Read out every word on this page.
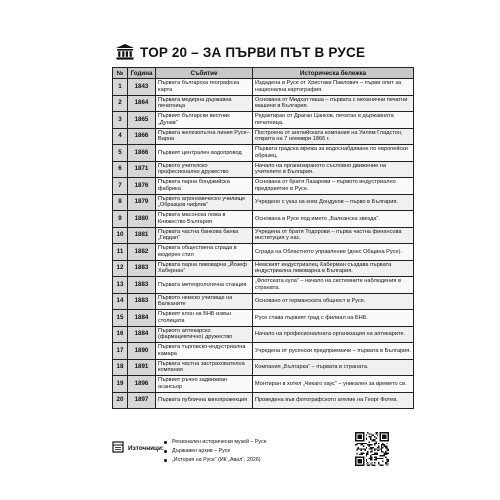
TOP 20 – ЗА ПЪРВИ ПЪТ В РУСЕ
№	Година	Събитие	Историческа бележка
1	1843	Първата българска географска карта	Издадена в Русе от Христаки Павлович – първи опит за национална картография.
2	1864	Първата модерна държавна печатница	Основана от Мидхат паша – първата с механични печатни машини в България.
3	1865	Първият български вестник „Дунав“	Редактиран от Драган Цанков, печатан в държавната печатница.
4	1866	Първата железопътна линия Русе–Варна	Построена от английската компания на Уилям Гладстон, открита на 7 ноември 1866 г.
5	1866	Първият централен водопровод	Първата градска мрежа за водоснабдяване по европейски образец.
6	1871	Първото учителско професионално дружество	Начало на организираното съсловно движение на учителите в България.
7	1876	Първата парна бонджийска фабрика	Основана от братя Лазарови – първото индустриално предприятие в Русе.
8	1879	Първото агрономическо училище „Образцов чифлик“	Учредено с указ на княз Дондуков – първо в България.
9	1880	Първата масонска ложа в Княжество България	Основана в Русе под името „Балканска звезда“.
10	1881	Първата частна банкова банка „Гирдап“	Учредена от братя Тодорови – първа частна финансова институция у нас.
11	1882	Първата обществена сграда в модерен стил	Сграда на Областното управление (днес Община Русе).
12	1883	Първата парна пивоварна „Йозеф Хабернан“	Немският индустриалец Хаберман създава първата индустриална пивоварна в България.
13	1883	Първата метеорологична станция	„Флотската кула“ – начало на системните наблюдения в страната.
14	1883	Първото немско училище на Балканите	Основано от германската общност в Русе.
15	1884	Първият клон на БНБ извън столицата	Русе става първият град с филиал на БНБ.
16	1884	Първото аптекарско (фармацевтично) дружество	Начало на професионалната организация на аптекарите.
17	1890	Първата търговско-индустриална камара	Учредена от русенски предприемачи – първата в България.
18	1891	Първата частна застрахователна компания	Компания „Българка“ – първата в страната.
19	1896	Първият ръчно задвижван асансьор	Монтиран в хотел „Чикаго хаус“ – уникален за времето си.
20	1897	Първата публична кинопрожекция	Проведена във фотографското ателие на Георг Фотев.
Източници:
Регионален исторически музей – Русе
Държавен архив – Русе
„История на Русе“ (ИК „Авал“, 2026)
